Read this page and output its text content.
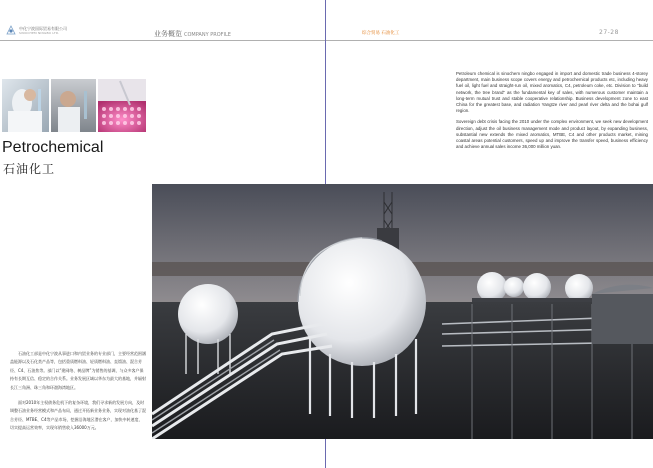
中化宁波国际贸易有限公司
SINOCHEM NINGBO LTD.	业务概览 COMPANY PROFILE	综合贸易 石油化工	27-28
Petrochemical
石油化工

Petroleum chemical is sinochem ningbo engaged in import and domestic trade business 4-storey department, main business scope covers energy and petrochemical products etc, including heavy fuel oil, light fuel and straight-run oil, mixed aromatics, C4, petroleum coke, etc. Division to "build network, the tree brand" as the fundamental key of sales, with numerous customer maintain a long-term mutual trust and stable cooperative relationship. Business development zone to east China for the greatest base, and radiation Yangtze river and pearl river delta and the bohai gulf region.

Sovereign debt crisis facing the 2010 under the complex environment, we seek new development direction, adjust the oil business management mode and product layout, by expanding business, substantial new extends the mixed aromatics, MTBE, C4 and other products market, mining coastal areas potential customers, speed up and improve the transfer speed, business efficiency and achieve annual sales income 36,000 million yuan.

石油化工部是中化宁波从事进口和内贸业务的专业部门，主要经营范围涵盖能源以及石化类产品等，包括重质燃料油、轻质燃料油、直馏油、混合芳烃、C4、石油焦等。部门以“建网络、树品牌”为销售的基调，与众多客户保持有长期互信、稳定的合作关系。业务发展区域以华东为最大的基地，并辐射长江三角洲、珠三角和环渤海湾地区。

面对2010年主权债务危机下的复杂环境，我们寻求新的发展方向，及时调整石油业务经营模式和产品布局，通过开拓新业务业务，实现对油化基了混合芳烃、MTBE、C4等产品市场，挖掘沿海地区潜在客户，加快中转速度，切实提高运营效率，实现年销售收入36000万元。
